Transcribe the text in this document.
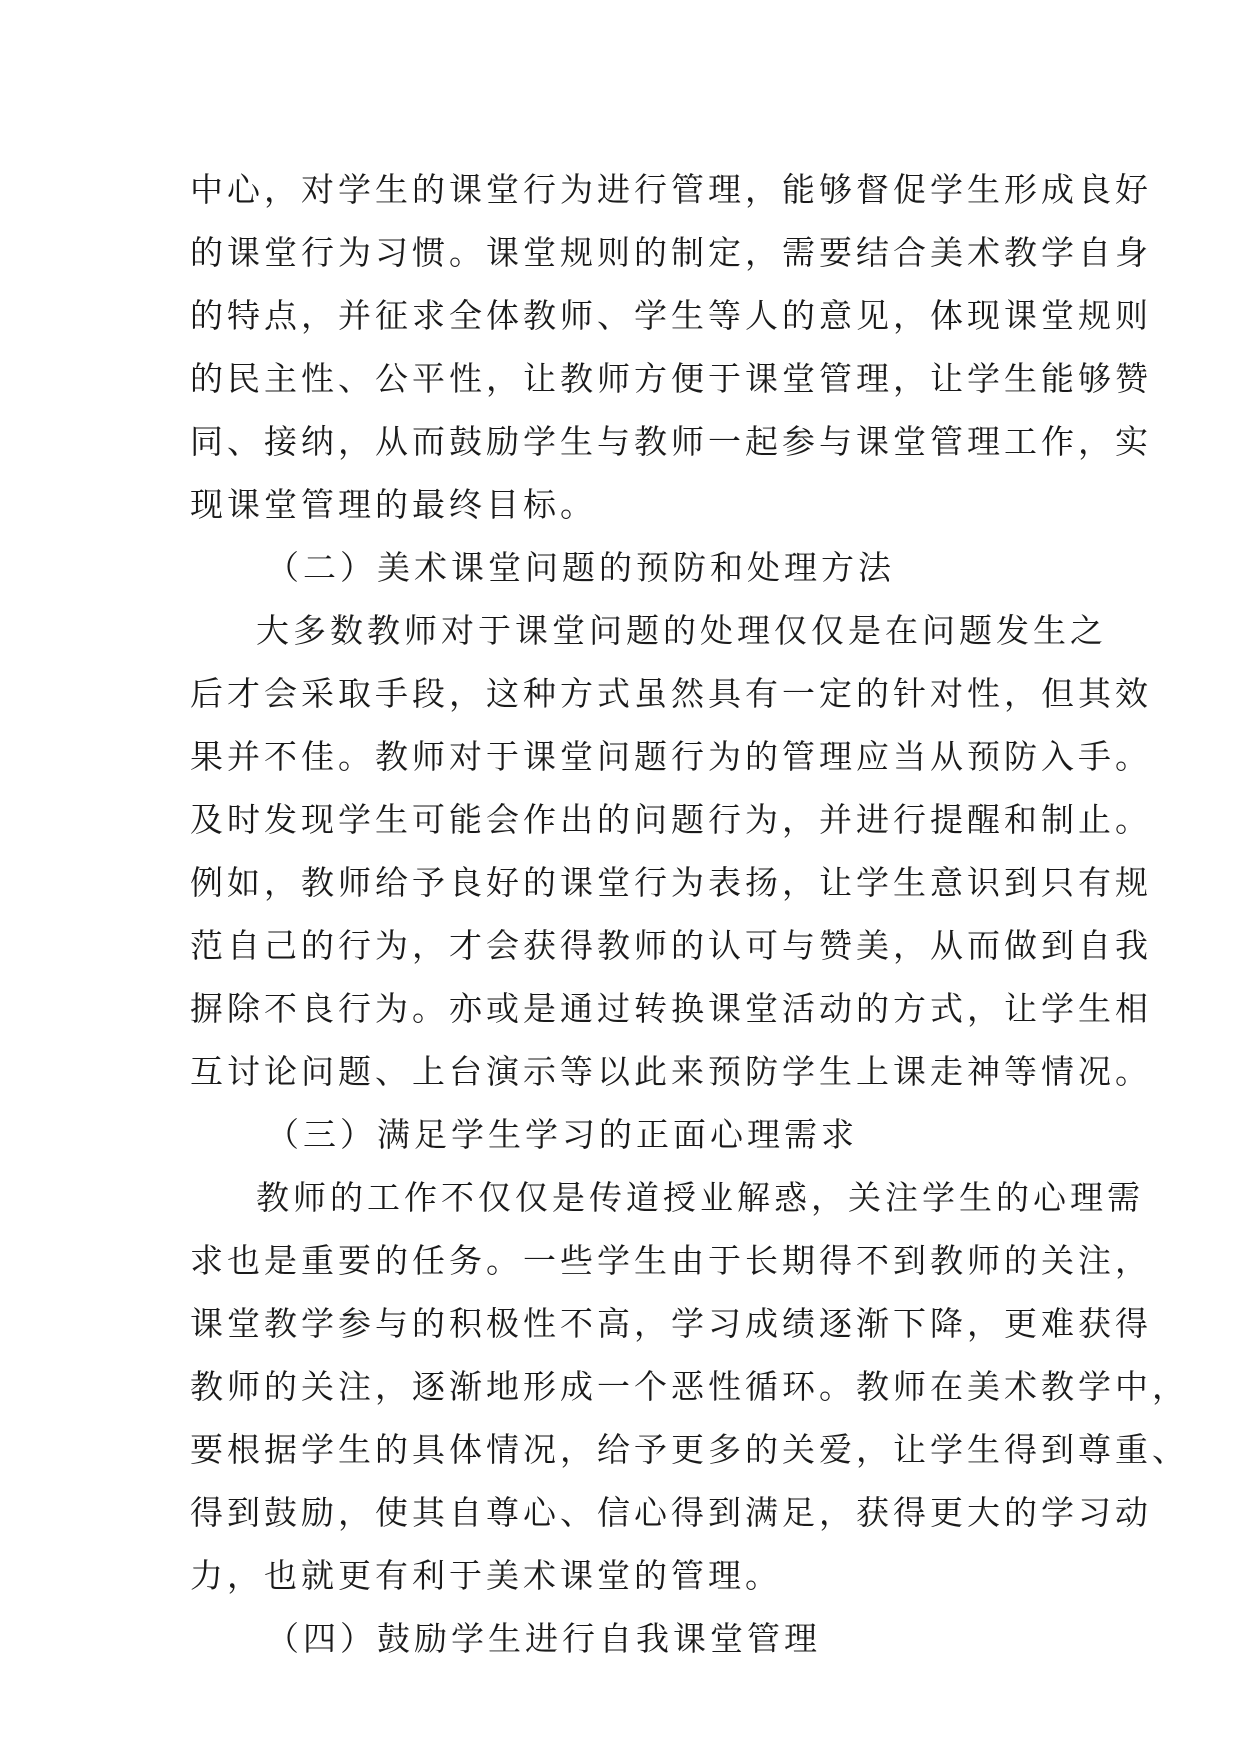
中心，对学生的课堂行为进行管理，能够督促学生形成良好
的课堂行为习惯。课堂规则的制定，需要结合美术教学自身
的特点，并征求全体教师、学生等人的意见，体现课堂规则
的民主性、公平性，让教师方便于课堂管理，让学生能够赞
同、接纳，从而鼓励学生与教师一起参与课堂管理工作，实
现课堂管理的最终目标。
（二）美术课堂问题的预防和处理方法
大多数教师对于课堂问题的处理仅仅是在问题发生之
后才会采取手段，这种方式虽然具有一定的针对性，但其效
果并不佳。教师对于课堂问题行为的管理应当从预防入手。
及时发现学生可能会作出的问题行为，并进行提醒和制止。
例如，教师给予良好的课堂行为表扬，让学生意识到只有规
范自己的行为，才会获得教师的认可与赞美，从而做到自我
摒除不良行为。亦或是通过转换课堂活动的方式，让学生相
互讨论问题、上台演示等以此来预防学生上课走神等情况。
（三）满足学生学习的正面心理需求
教师的工作不仅仅是传道授业解惑，关注学生的心理需
求也是重要的任务。一些学生由于长期得不到教师的关注，
课堂教学参与的积极性不高，学习成绩逐渐下降，更难获得
教师的关注，逐渐地形成一个恶性循环。教师在美术教学中，
要根据学生的具体情况，给予更多的关爱，让学生得到尊重、
得到鼓励，使其自尊心、信心得到满足，获得更大的学习动
力，也就更有利于美术课堂的管理。
（四）鼓励学生进行自我课堂管理
